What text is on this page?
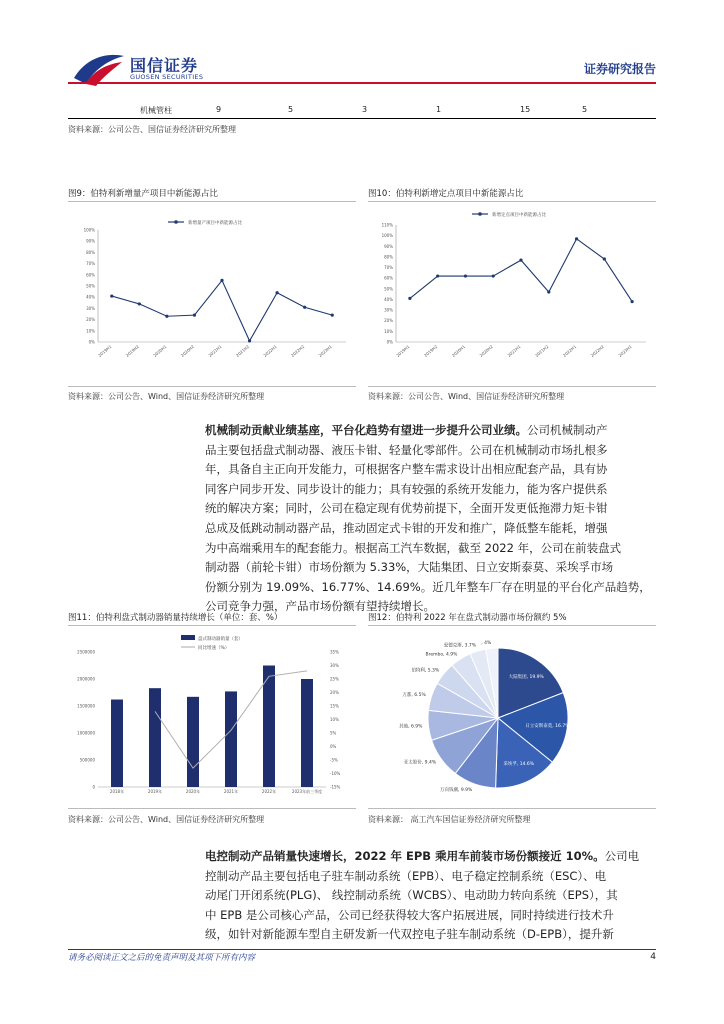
国信证券
GUOSEN SECURITIES
证券研究报告
机械管柱	9	5	3	1	15	5
资料来源：公司公告、国信证券经济研究所整理
图9：伯特利新增量产项目中新能源占比	图10：伯特利新增定点项目中新能源占比
新增量产项目中新能源占比
0%
10%
20%
30%
40%
50%
60%
70%
80%
90%
100%
2019H1	2019H2	2020H1	2020H2	2021H1	2021H2	2022H1	2022H2	2023H1
新增定点项目中新能源占比
0%
10%
20%
30%
40%
50%
60%
70%
80%
90%
100%
110%
2019H1	2019H2	2020H1	2020H2	2021H1	2021H2	2022H1	2022H2	2023H1
资料来源：公司公告、Wind、国信证券经济研究所整理	资料来源：公司公告、Wind、国信证券经济研究所整理
机械制动贡献业绩基座，平台化趋势有望进一步提升公司业绩。公司机械制动产
品主要包括盘式制动器、液压卡钳、轻量化零部件。公司在机械制动市场扎根多
年，具备自主正向开发能力，可根据客户整车需求设计出相应配套产品，具有协
同客户同步开发、同步设计的能力；具有较强的系统开发能力，能为客户提供系
统的解决方案；同时，公司在稳定现有优势前提下，全面开发更低拖滞力矩卡钳
总成及低跳动制动器产品，推动固定式卡钳的开发和推广，降低整车能耗，增强
为中高端乘用车的配套能力。根据高工汽车数据，截至 2022 年，公司在前装盘式
制动器（前轮卡钳）市场份额为 5.33%，大陆集团、日立安斯泰莫、采埃孚市场
份额分别为 19.09%、16.77%、14.69%。近几年整车厂存在明显的平台化产品趋势，
公司竞争力强，产品市场份额有望持续增长。
图11：伯特利盘式制动器销量持续增长（单位：套、%）	图12：伯特利 2022 年在盘式制动器市场份额约 5%
盘式制动器销量（套）
同比增速（%）
0
500000
1000000
1500000
2000000
2500000
-15%
-10%
-5%
0%
5%
10%
15%
20%
25%
30%
35%
2018年	2019年	2020年	2021年	2022年	2023年前三季度
大陆集团, 19.9%
日立安斯泰莫, 16.7%
采埃孚, 14.6%
万向钱潮, 9.9%
亚太股份, 9.4%
其他, 6.9%
万都, 6.5%
伯特利, 5.3%
Brembo, 4.9%
爱德克斯, 3.7%
, 4%
资料来源：公司公告、Wind、国信证券经济研究所整理	资料来源： 高工汽车国信证券经济研究所整理
电控制动产品销量快速增长，2022 年 EPB 乘用车前装市场份额接近 10%。公司电
控制动产品主要包括电子驻车制动系统（EPB）、电子稳定控制系统（ESC）、电
动尾门开闭系统(PLG)、 线控制动系统（WCBS）、电动助力转向系统（EPS），其
中 EPB 是公司核心产品，公司已经获得较大客户拓展进展，同时持续进行技术升
级，如针对新能源车型自主研发新一代双控电子驻车制动系统（D-EPB），提升新
请务必阅读正文之后的免责声明及其项下所有内容	4
